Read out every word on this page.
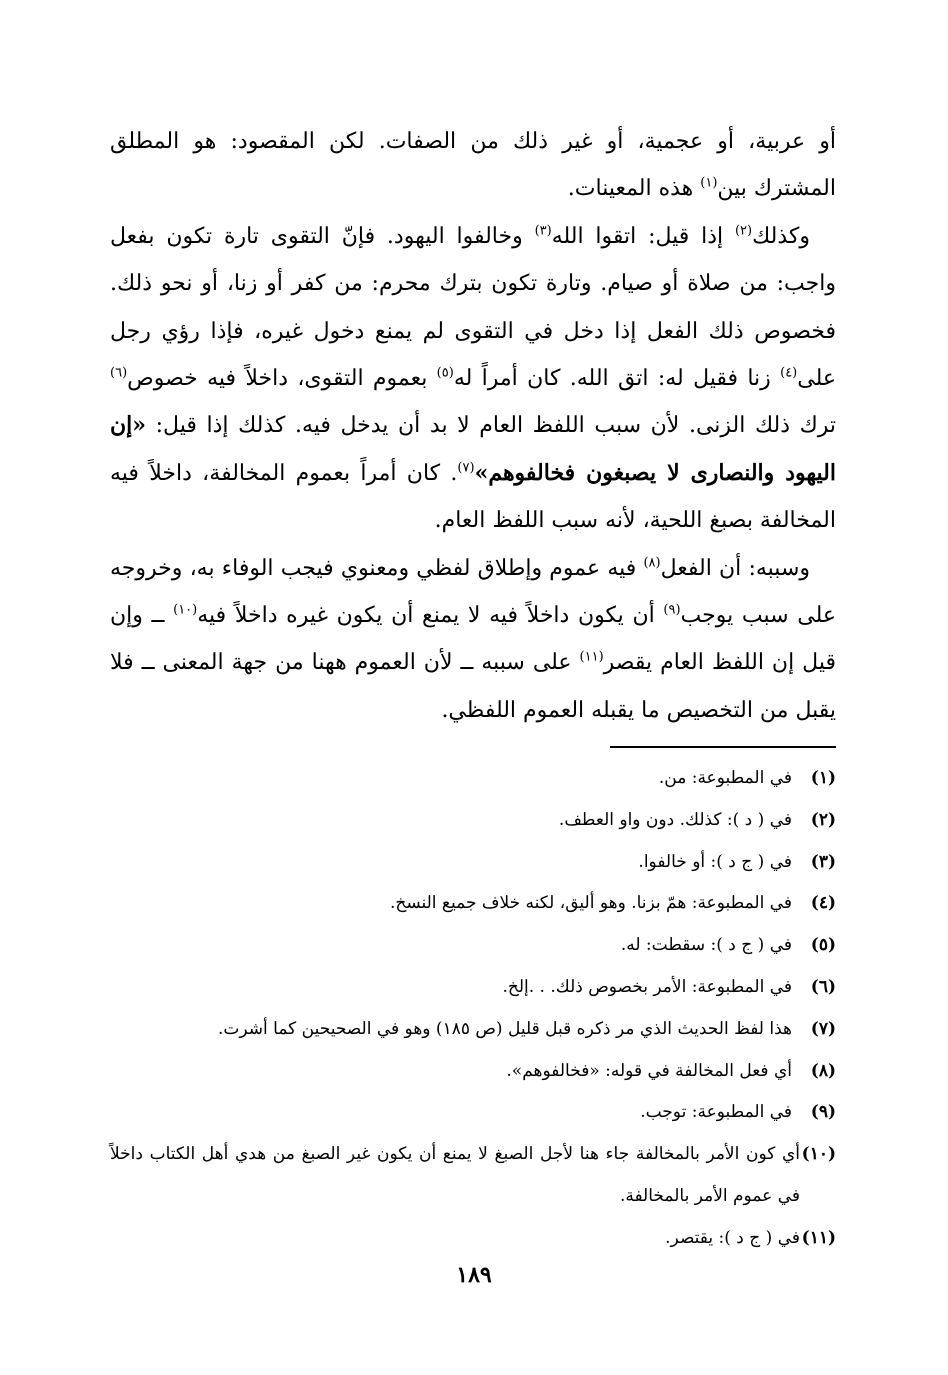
أو عربية، أو عجمية، أو غير ذلك من الصفات. لكن المقصود: هو المطلق المشترك بين$^{(١)}$ هذه المعينات.

وكذلك$^{(٢)}$ إذا قيل: اتقوا الله$^{(٣)}$ وخالفوا اليهود. فإنّ التقوى تارة تكون بفعل واجب: من صلاة أو صيام. وتارة تكون بترك محرم: من كفر أو زنا، أو نحو ذلك. فخصوص ذلك الفعل إذا دخل في التقوى لم يمنع دخول غيره، فإذا رؤي رجل على$^{(٤)}$ زنا فقيل له: اتق الله. كان أمراً له$^{(٥)}$ بعموم التقوى، داخلاً فيه خصوص$^{(٦)}$ ترك ذلك الزنى. لأن سبب اللفظ العام لا بد أن يدخل فيه. كذلك إذا قيل: «إن اليهود والنصارى لا يصبغون فخالفوهم»$^{(٧)}$. كان أمراً بعموم المخالفة، داخلاً فيه المخالفة بصبغ اللحية، لأنه سبب اللفظ العام.

وسببه: أن الفعل$^{(٨)}$ فيه عموم وإطلاق لفظي ومعنوي فيجب الوفاء به، وخروجه على سبب يوجب$^{(٩)}$ أن يكون داخلاً فيه لا يمنع أن يكون غيره داخلاً فيه$^{(١٠)}$ ــ وإن قيل إن اللفظ العام يقصر$^{(١١)}$ على سببه ــ لأن العموم ههنا من جهة المعنى ــ فلا يقبل من التخصيص ما يقبله العموم اللفظي.

(١)
في المطبوعة: من.
(٢)
في ( د ): كذلك. دون واو العطف.
(٣)
في ( ج د ): أو خالفوا.
(٤)
في المطبوعة: همّ بزنا. وهو أليق، لكنه خلاف جميع النسخ.
(٥)
في ( ج د ): سقطت: له.
(٦)
في المطبوعة: الأمر بخصوص ذلك. . .إلخ.
(٧)
هذا لفظ الحديث الذي مر ذكره قبل قليل (ص ١٨٥) وهو في الصحيحين كما أشرت.
(٨)
أي فعل المخالفة في قوله: «فخالفوهم».
(٩)
في المطبوعة: توجب.
(١٠)
أي كون الأمر بالمخالفة جاء هنا لأجل الصبغ لا يمنع أن يكون غير الصبغ من هدي أهل الكتاب داخلاً في عموم الأمر بالمخالفة.
(١١)
في ( ج د ): يقتصر.
١٨٩
